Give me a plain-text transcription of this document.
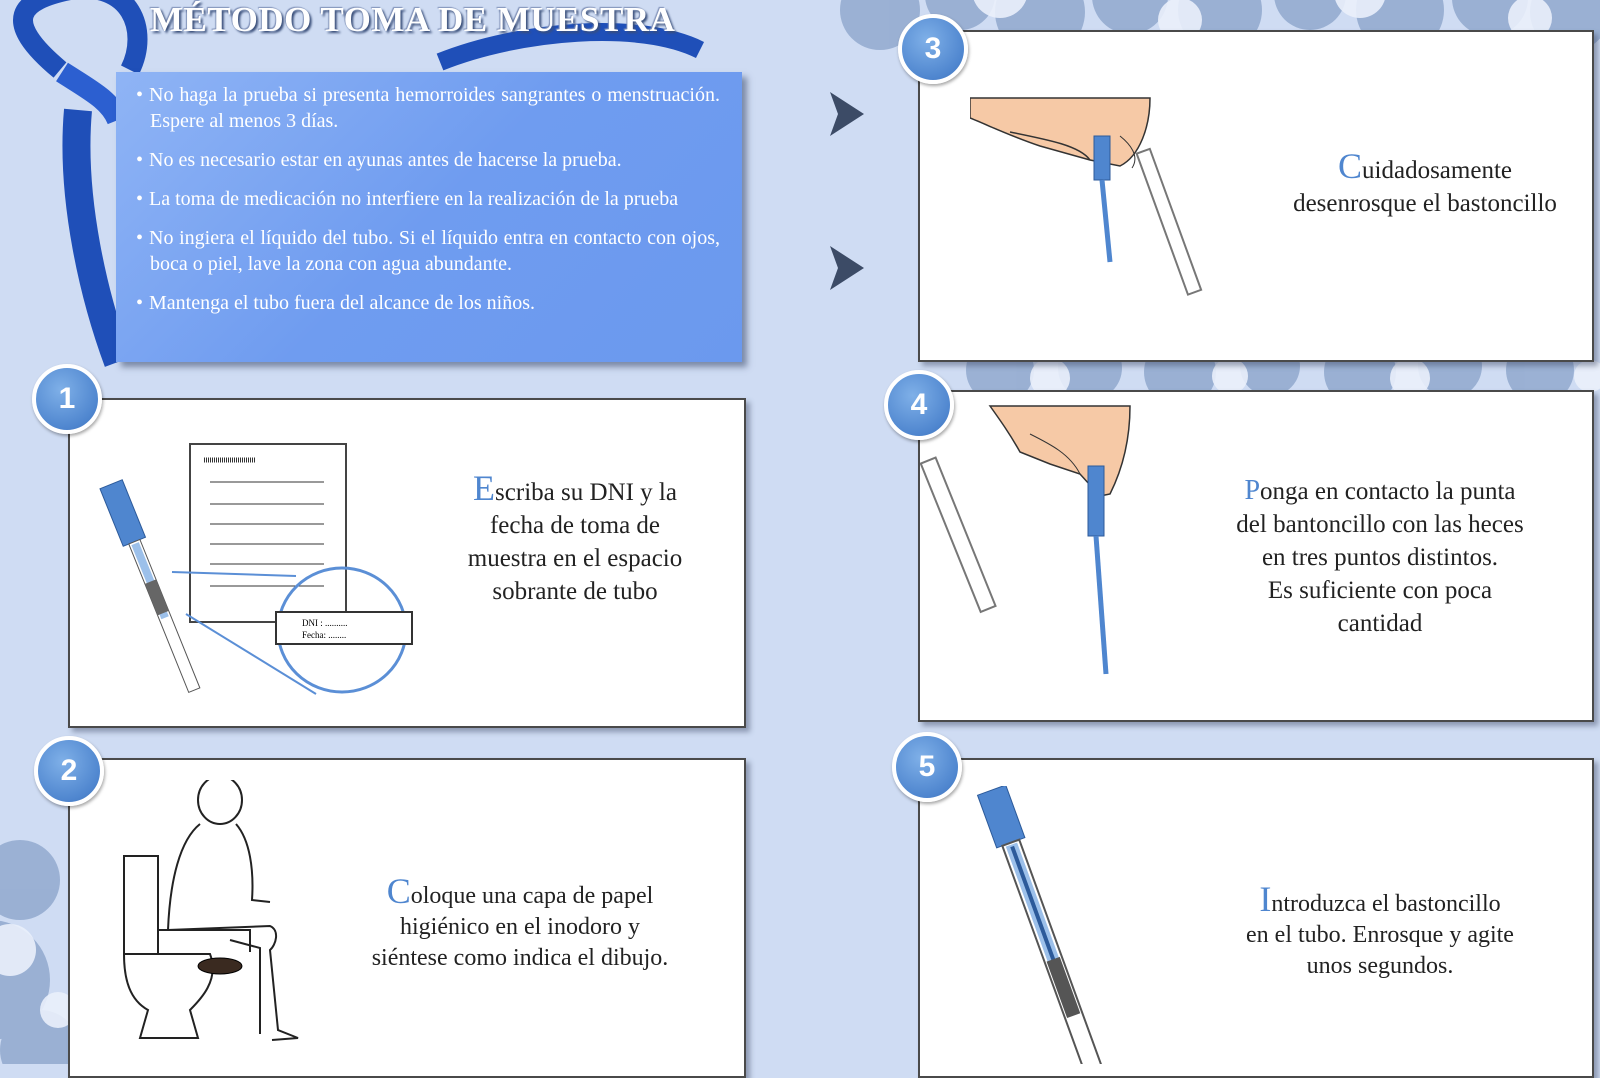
MÉTODO TOMA DE MUESTRA
• No haga la prueba si presenta hemorroides sangrantes o menstruación. Espere al menos 3 días.
• No es necesario estar en ayunas antes de hacerse la prueba.
• La toma de medicación no interfiere en la realización de la prueba
• No ingiera el líquido del tubo. Si el líquido entra en contacto con ojos, boca o piel, lave la zona con agua abundante.
• Mantenga el tubo fuera del alcance de los niños.
1
DNI : ..........
Fecha: ........
Escriba su DNI y la
fecha de toma de
muestra en el espacio
sobrante de tubo
2
Coloque una capa de papel
higiénico en el inodoro y
siéntese como indica el dibujo.
3
Cuidadosamente
desenrosque el bastoncillo
4
Ponga en contacto la punta
del bantoncillo con las heces
en tres puntos distintos.
Es suficiente con poca
cantidad
5
Introduzca el bastoncillo
en el tubo. Enrosque y agite
unos segundos.
